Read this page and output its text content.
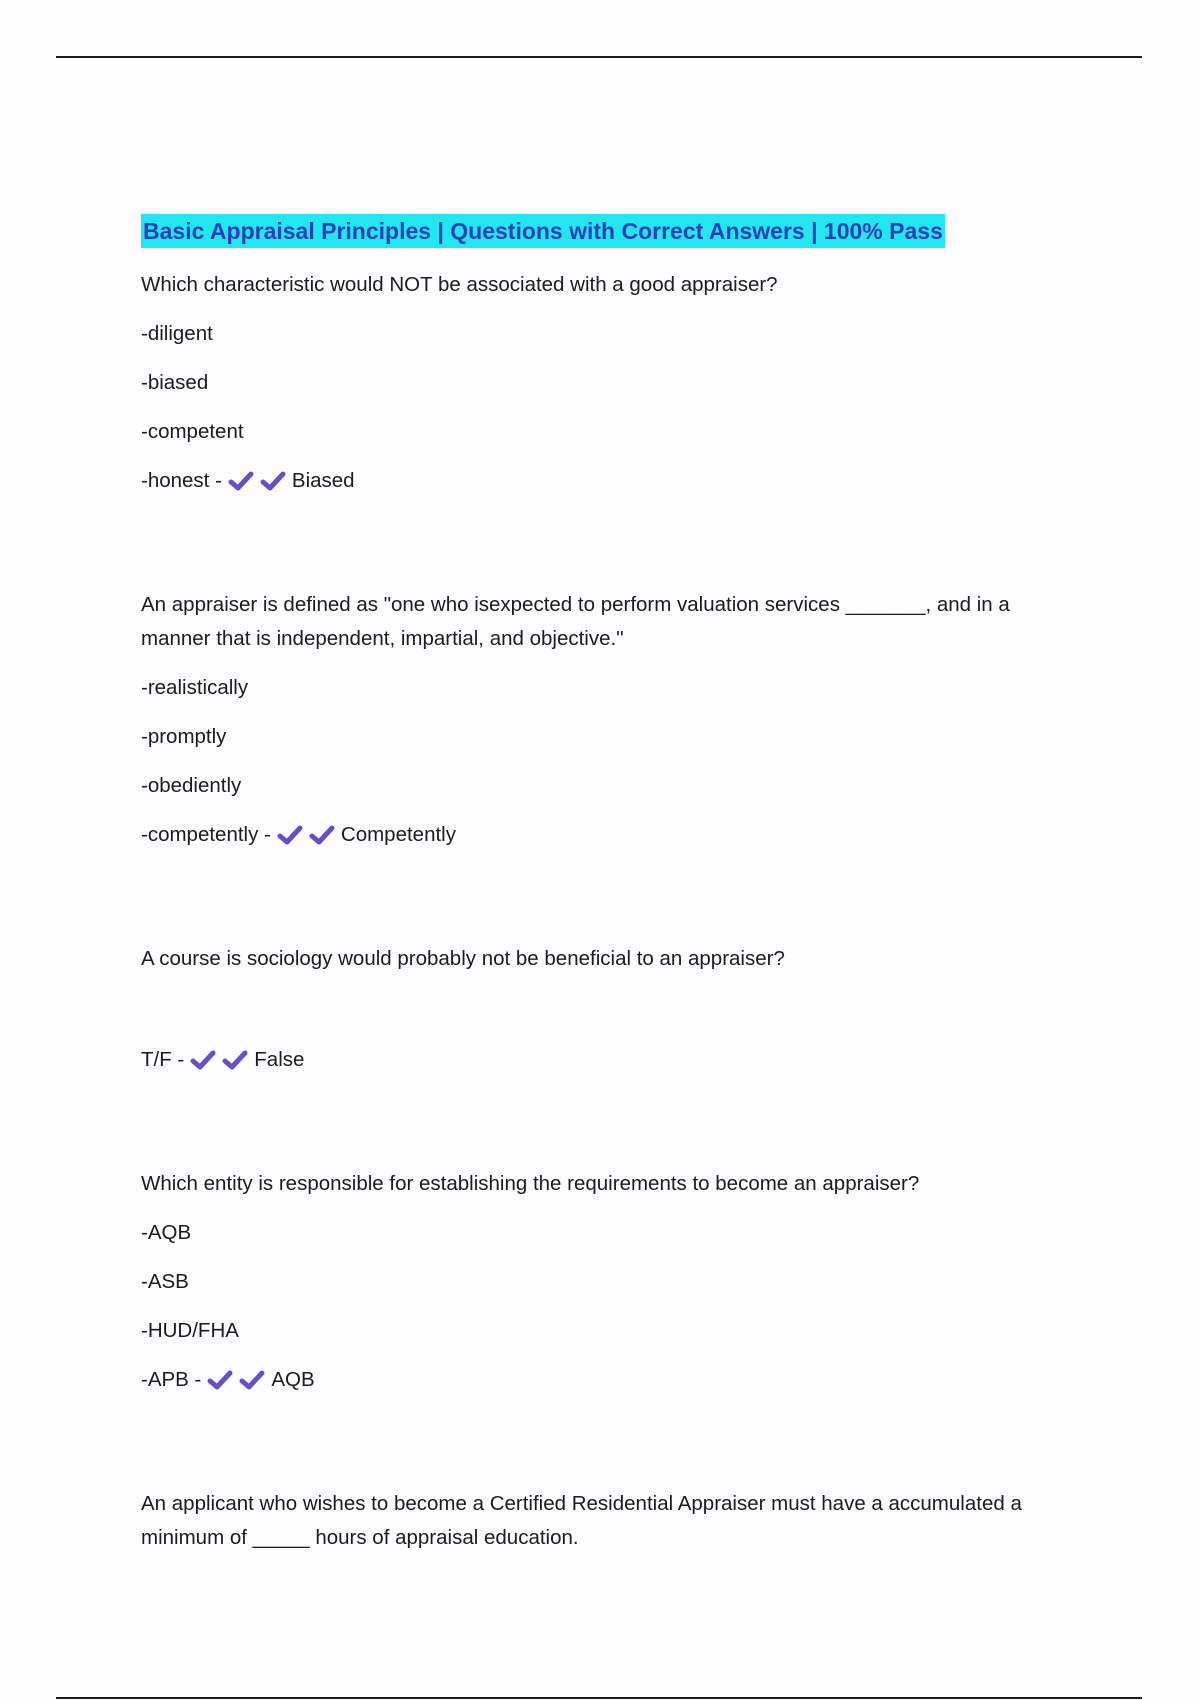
Basic Appraisal Principles | Questions with Correct Answers | 100% Pass
Which characteristic would NOT be associated with a good appraiser?
-diligent
-biased
-competent
-honest -	Biased
An appraiser is defined as "one who isexpected to perform valuation services _______, and in a manner that is independent, impartial, and objective."
-realistically
-promptly
-obediently
-competently -	Competently
A course is sociology would probably not be beneficial to an appraiser?
T/F -	False
Which entity is responsible for establishing the requirements to become an appraiser?
-AQB
-ASB
-HUD/FHA
-APB -	AQB
An applicant who wishes to become a Certified Residential Appraiser must have a accumulated a minimum of _____ hours of appraisal education.
